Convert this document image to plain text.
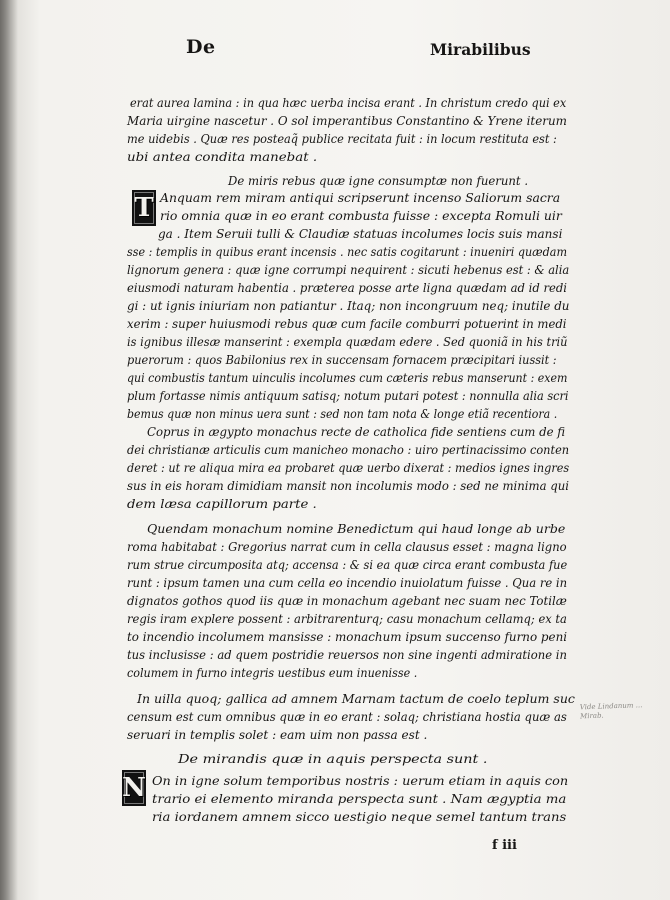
De	Mirabilibus
T
N
erat aurea lamina : in qua hæc uerba incisa erant . In christum credo qui ex
Maria uirgine nascetur . O sol imperantibus Constantino & Yrene iterum
me uidebis . Quæ res posteaq̃ publice recitata fuit : in locum restituta est :
ubi antea condita manebat .
De miris rebus quæ igne consumptæ non fuerunt .
Anquam rem miram antiqui scripserunt incenso Saliorum sacra
rio omnia quæ in eo erant combusta fuisse : excepta Romuli uir
ga . Item Seruii tulli & Claudiæ statuas incolumes locis suis mansi
sse : templis in quibus erant incensis . nec satis cogitarunt : inueniri quædam
lignorum genera : quæ igne corrumpi nequirent : sicuti hebenus est : & alia
eiusmodi naturam habentia . præterea posse arte ligna quædam ad id redi
gi : ut ignis iniuriam non patiantur . Itaq; non incongruum neq; inutile du
xerim : super huiusmodi rebus quæ cum facile comburri potuerint in medi
is ignibus illesæ manserint : exempla quædam edere . Sed quoniã in his triũ
puerorum : quos Babilonius rex in succensam fornacem præcipitari iussit :
qui combustis tantum uinculis incolumes cum cæteris rebus manserunt : exem
plum fortasse nimis antiquum satisq; notum putari potest : nonnulla alia scri
bemus quæ non minus uera sunt : sed non tam nota & longe etiã recentiora .
Coprus in ægypto monachus recte de catholica fide sentiens cum de fi
dei christianæ articulis cum manicheo monacho : uiro pertinacissimo conten
deret : ut re aliqua mira ea probaret quæ uerbo dixerat : medios ignes ingres
sus in eis horam dimidiam mansit non incolumis modo : sed ne minima qui
dem læsa capillorum parte .
Quendam monachum nomine Benedictum qui haud longe ab urbe
roma habitabat : Gregorius narrat cum in cella clausus esset : magna ligno
rum strue circumposita atq; accensa : & si ea quæ circa erant combusta fue
runt : ipsum tamen una cum cella eo incendio inuiolatum fuisse . Qua re in
dignatos gothos quod iis quæ in monachum agebant nec suam nec Totilæ
regis iram explere possent : arbitrarenturq; casu monachum cellamq; ex ta
to incendio incolumem mansisse : monachum ipsum succenso furno peni
tus inclusisse : ad quem postridie reuersos non sine ingenti admiratione in
columem in furno integris uestibus eum inuenisse .
In uilla quoq; gallica ad amnem Marnam tactum de coelo teplum suc
censum est cum omnibus quæ in eo erant : solaq; christiana hostia quæ as
seruari in templis solet : eam uim non passa est .
De mirandis quæ in aquis perspecta sunt .
On in igne solum temporibus nostris : uerum etiam in aquis con
trario ei elemento miranda perspecta sunt . Nam ægyptia ma
ria iordanem amnem sicco uestigio neque semel tantum trans
Vide Lindanum ... Mirab.
f iii
